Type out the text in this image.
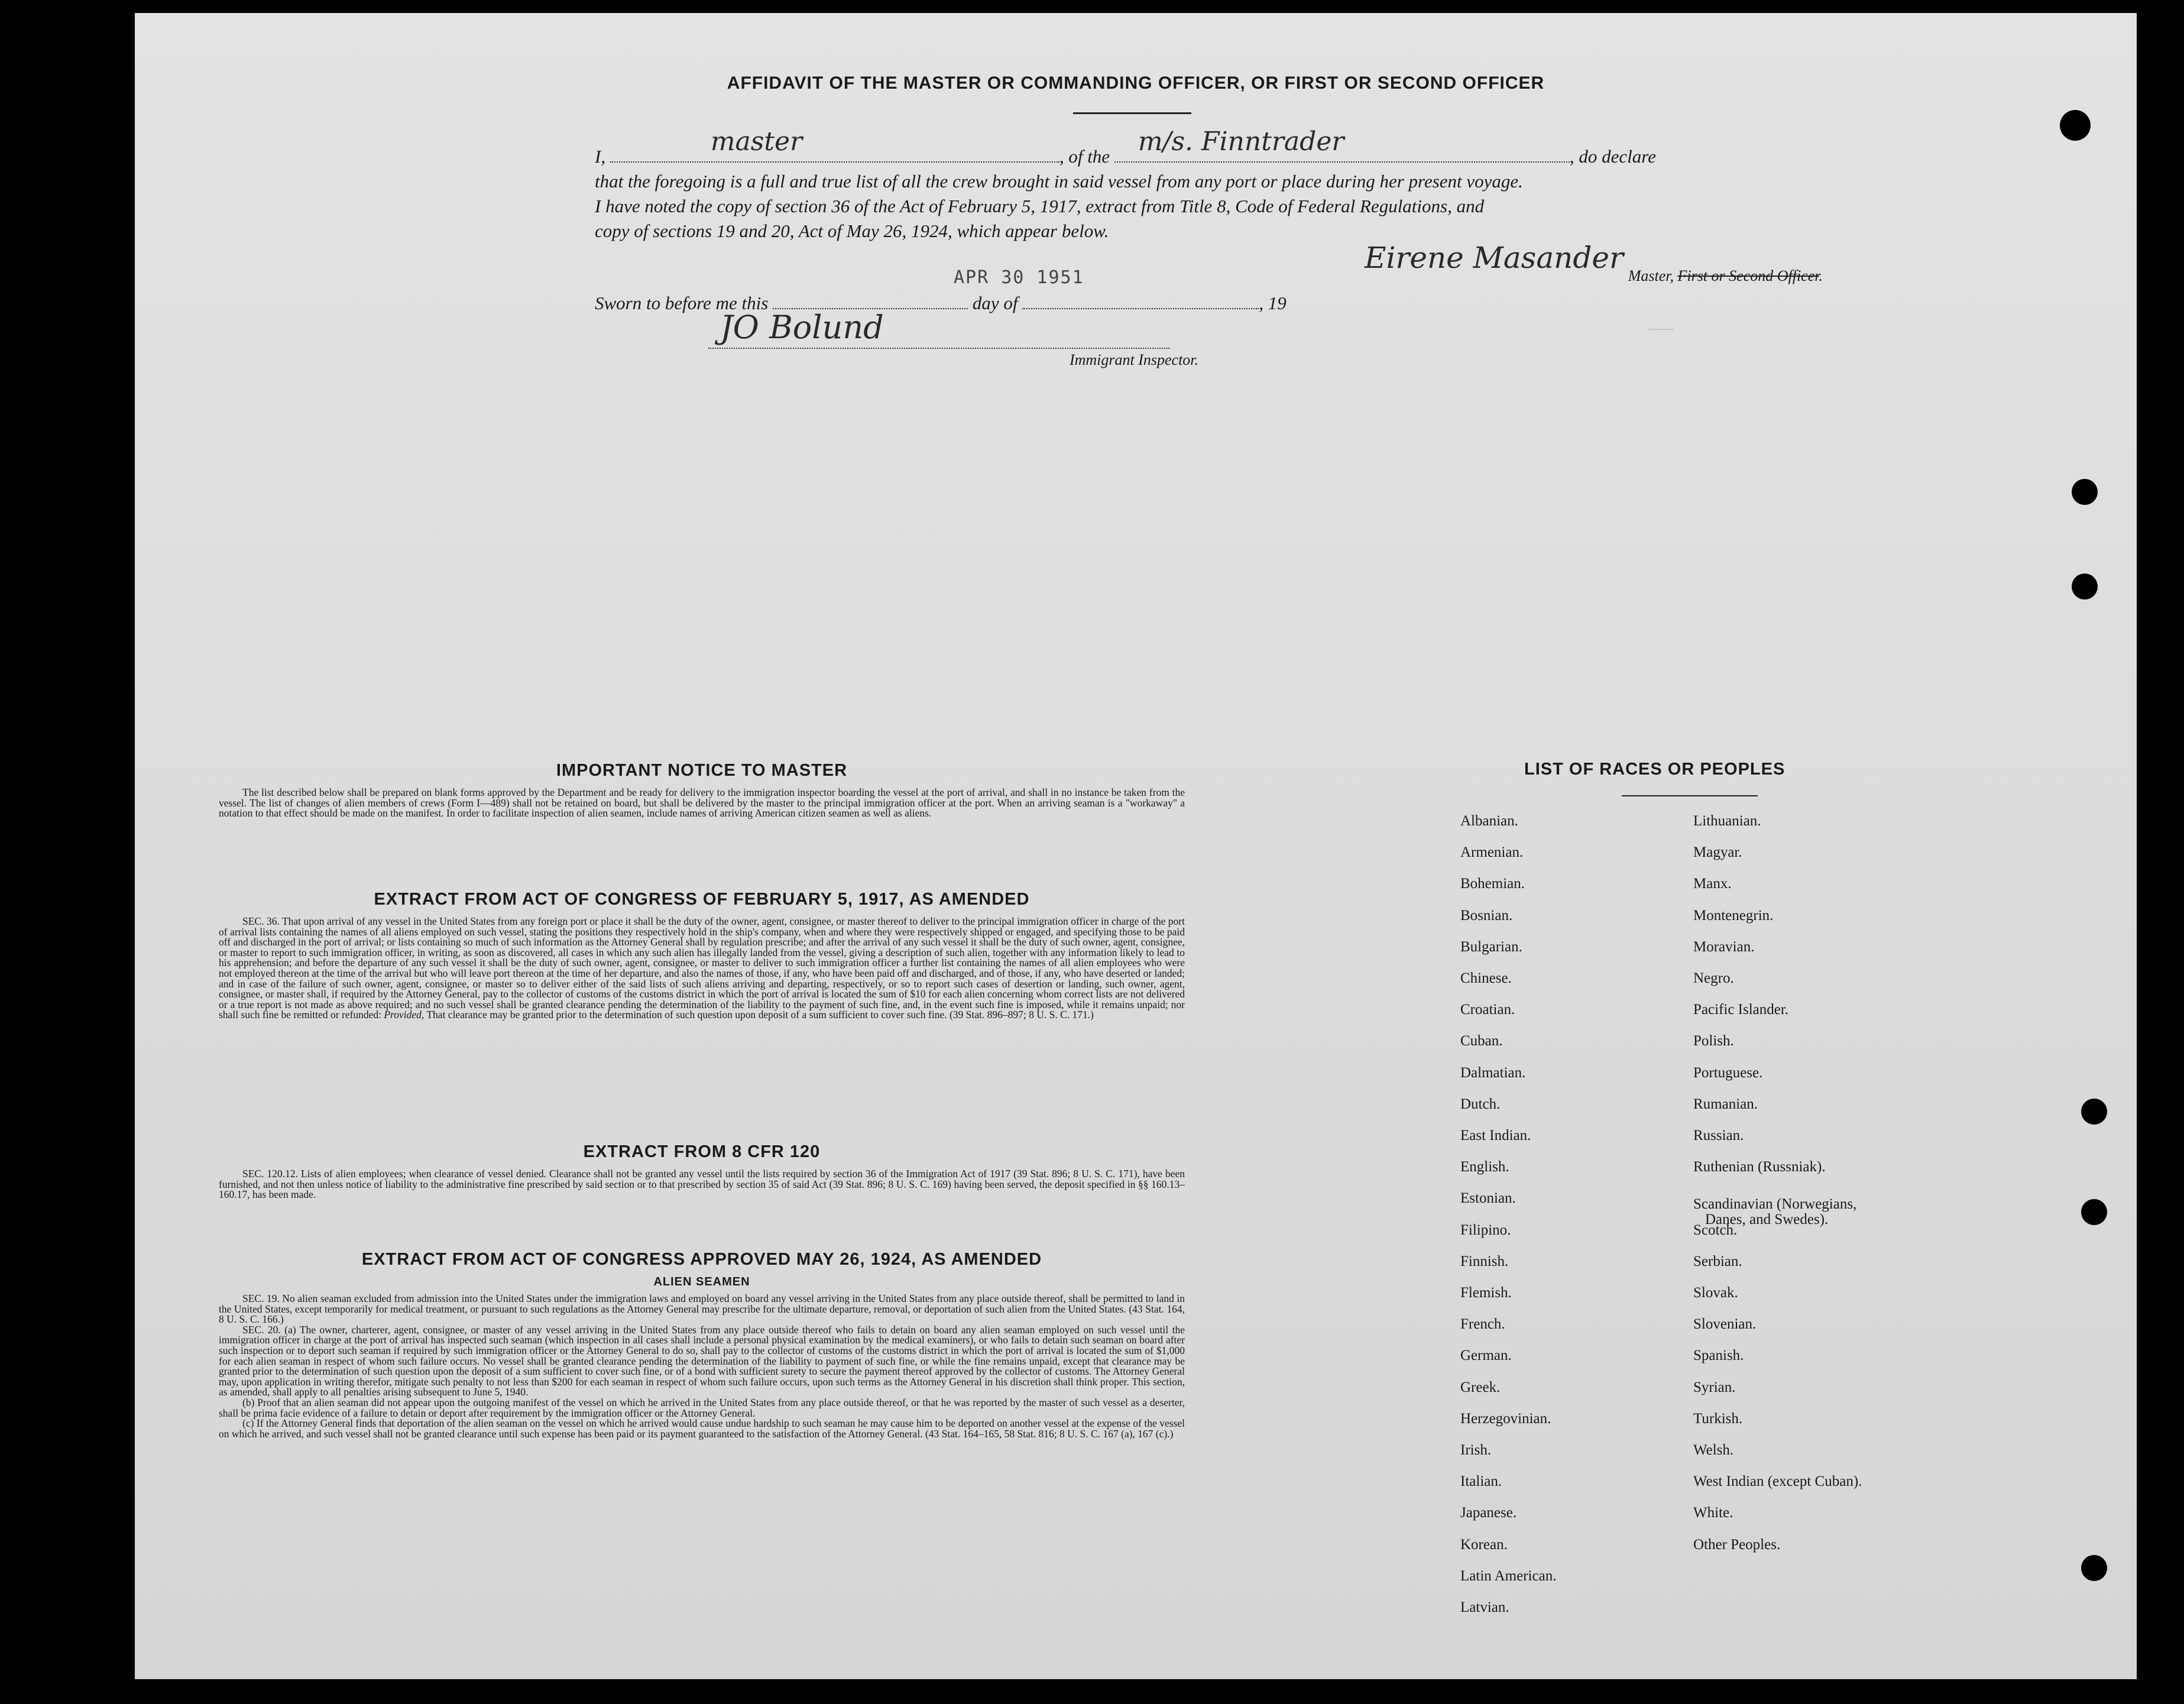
———
AFFIDAVIT OF THE MASTER OR COMMANDING OFFICER, OR FIRST OR SECOND OFFICER
I,	master	, of the m/s. Finntrader	, do declare
that the foregoing is a full and true list of all the crew brought in said vessel from any port or place during her present voyage.
I have noted the copy of section 36 of the Act of February 5, 1917, extract from Title 8, Code of Federal Regulations, and
copy of sections 19 and 20, Act of May 26, 1924, which appear below.
Eirene Masander
Master, First or Second Officer.
APR 30 1951
Sworn to before me this	day of	, 19
JO Bolund
Immigrant Inspector.
IMPORTANT NOTICE TO MASTER

The list described below shall be prepared on blank forms approved by the Department and be ready for delivery to the immigration inspector boarding the vessel at the port of arrival, and shall in no instance be taken from the vessel. The list of changes of alien members of crews (Form I—489) shall not be retained on board, but shall be delivered by the master to the principal immigration officer at the port. When an arriving seaman is a "workaway" a notation to that effect should be made on the manifest. In order to facilitate inspection of alien seamen, include names of arriving American citizen seamen as well as aliens.

EXTRACT FROM ACT OF CONGRESS OF FEBRUARY 5, 1917, AS AMENDED

SEC. 36. That upon arrival of any vessel in the United States from any foreign port or place it shall be the duty of the owner, agent, consignee, or master thereof to deliver to the principal immigration officer in charge of the port of arrival lists containing the names of all aliens employed on such vessel, stating the positions they respectively hold in the ship's company, when and where they were respectively shipped or engaged, and specifying those to be paid off and discharged in the port of arrival; or lists containing so much of such information as the Attorney General shall by regulation prescribe; and after the arrival of any such vessel it shall be the duty of such owner, agent, consignee, or master to report to such immigration officer, in writing, as soon as discovered, all cases in which any such alien has illegally landed from the vessel, giving a description of such alien, together with any information likely to lead to his apprehension; and before the departure of any such vessel it shall be the duty of such owner, agent, consignee, or master to deliver to such immigration officer a further list containing the names of all alien employees who were not employed thereon at the time of the arrival but who will leave port thereon at the time of her departure, and also the names of those, if any, who have been paid off and discharged, and of those, if any, who have deserted or landed; and in case of the failure of such owner, agent, consignee, or master so to deliver either of the said lists of such aliens arriving and departing, respectively, or so to report such cases of desertion or landing, such owner, agent, consignee, or master shall, if required by the Attorney General, pay to the collector of customs of the customs district in which the port of arrival is located the sum of $10 for each alien concerning whom correct lists are not delivered or a true report is not made as above required; and no such vessel shall be granted clearance pending the determination of the liability to the payment of such fine, and, in the event such fine is imposed, while it remains unpaid; nor shall such fine be remitted or refunded: Provided, That clearance may be granted prior to the determination of such question upon deposit of a sum sufficient to cover such fine. (39 Stat. 896–897; 8 U. S. C. 171.)

EXTRACT FROM 8 CFR 120

SEC. 120.12. Lists of alien employees; when clearance of vessel denied. Clearance shall not be granted any vessel until the lists required by section 36 of the Immigration Act of 1917 (39 Stat. 896; 8 U. S. C. 171), have been furnished, and not then unless notice of liability to the administrative fine prescribed by said section or to that prescribed by section 35 of said Act (39 Stat. 896; 8 U. S. C. 169) having been served, the deposit specified in §§ 160.13–160.17, has been made.

EXTRACT FROM ACT OF CONGRESS APPROVED MAY 26, 1924, AS AMENDED
ALIEN SEAMEN

SEC. 19. No alien seaman excluded from admission into the United States under the immigration laws and employed on board any vessel arriving in the United States from any place outside thereof, shall be permitted to land in the United States, except temporarily for medical treatment, or pursuant to such regulations as the Attorney General may prescribe for the ultimate departure, removal, or deportation of such alien from the United States. (43 Stat. 164, 8 U. S. C. 166.)

SEC. 20. (a) The owner, charterer, agent, consignee, or master of any vessel arriving in the United States from any place outside thereof who fails to detain on board any alien seaman employed on such vessel until the immigration officer in charge at the port of arrival has inspected such seaman (which inspection in all cases shall include a personal physical examination by the medical examiners), or who fails to detain such seaman on board after such inspection or to deport such seaman if required by such immigration officer or the Attorney General to do so, shall pay to the collector of customs of the customs district in which the port of arrival is located the sum of $1,000 for each alien seaman in respect of whom such failure occurs. No vessel shall be granted clearance pending the determination of the liability to payment of such fine, or while the fine remains unpaid, except that clearance may be granted prior to the determination of such question upon the deposit of a sum sufficient to cover such fine, or of a bond with sufficient surety to secure the payment thereof approved by the collector of customs. The Attorney General may, upon application in writing therefor, mitigate such penalty to not less than $200 for each seaman in respect of whom such failure occurs, upon such terms as the Attorney General in his discretion shall think proper. This section, as amended, shall apply to all penalties arising subsequent to June 5, 1940.

(b) Proof that an alien seaman did not appear upon the outgoing manifest of the vessel on which he arrived in the United States from any place outside thereof, or that he was reported by the master of such vessel as a deserter, shall be prima facie evidence of a failure to detain or deport after requirement by the immigration officer or the Attorney General.

(c) If the Attorney General finds that deportation of the alien seaman on the vessel on which he arrived would cause undue hardship to such seaman he may cause him to be deported on another vessel at the expense of the vessel on which he arrived, and such vessel shall not be granted clearance until such expense has been paid or its payment guaranteed to the satisfaction of the Attorney General. (43 Stat. 164–165, 58 Stat. 816; 8 U. S. C. 167 (a), 167 (c).)

LIST OF RACES OR PEOPLES
Albanian.
Armenian.
Bohemian.
Bosnian.
Bulgarian.
Chinese.
Croatian.
Cuban.
Dalmatian.
Dutch.
East Indian.
English.
Estonian.
Filipino.
Finnish.
Flemish.
French.
German.
Greek.
Herzegovinian.
Irish.
Italian.
Japanese.
Korean.
Latin American.
Latvian.
Lithuanian.
Magyar.
Manx.
Montenegrin.
Moravian.
Negro.
Pacific Islander.
Polish.
Portuguese.
Rumanian.
Russian.
Ruthenian (Russniak).
Scandinavian (Norwegians,
Danes, and Swedes).
Scotch.
Serbian.
Slovak.
Slovenian.
Spanish.
Syrian.
Turkish.
Welsh.
West Indian (except Cuban).
White.
Other Peoples.
